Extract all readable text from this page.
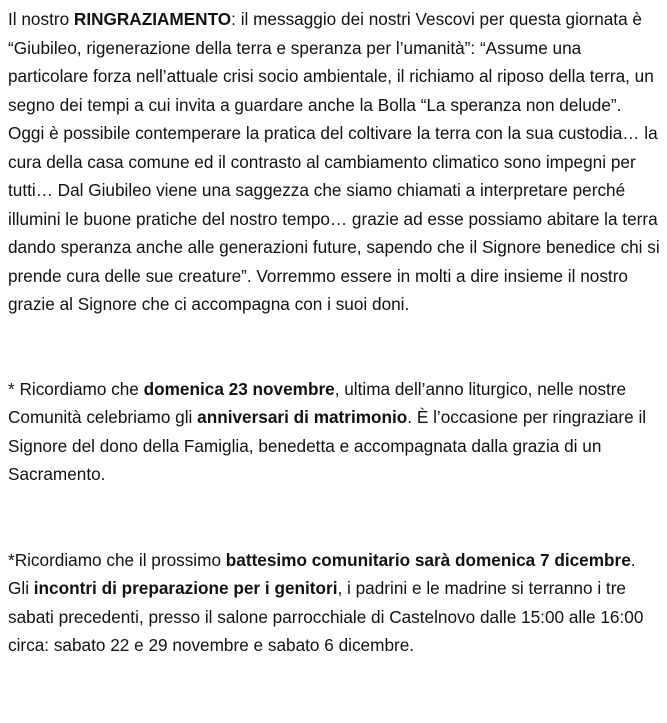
Il nostro RINGRAZIAMENTO: il messaggio dei nostri Vescovi per questa giornata è “Giubileo, rigenerazione della terra e speranza per l’umanità”: “Assume una particolare forza nell’attuale crisi socio ambientale, il richiamo al riposo della terra, un segno dei tempi a cui invita a guardare anche la Bolla “La speranza non delude”. Oggi è possibile contemperare la pratica del coltivare la terra con la sua custodia… la cura della casa comune ed il contrasto al cambiamento climatico sono impegni per tutti… Dal Giubileo viene una saggezza che siamo chiamati a interpretare perché illumini le buone pratiche del nostro tempo… grazie ad esse possiamo abitare la terra dando speranza anche alle generazioni future, sapendo che il Signore benedice chi si prende cura delle sue creature”. Vorremmo essere in molti a dire insieme il nostro grazie al Signore che ci accompagna con i suoi doni.

* Ricordiamo che domenica 23 novembre, ultima dell’anno liturgico, nelle nostre Comunità celebriamo gli anniversari di matrimonio. È l’occasione per ringraziare il Signore del dono della Famiglia, benedetta e accompagnata dalla grazia di un Sacramento.

*Ricordiamo che il prossimo battesimo comunitario sarà domenica 7 dicembre. Gli incontri di preparazione per i genitori, i padrini e le madrine si terranno i tre sabati precedenti, presso il salone parrocchiale di Castelnovo dalle 15:00 alle 16:00 circa: sabato 22 e 29 novembre e sabato 6 dicembre.
